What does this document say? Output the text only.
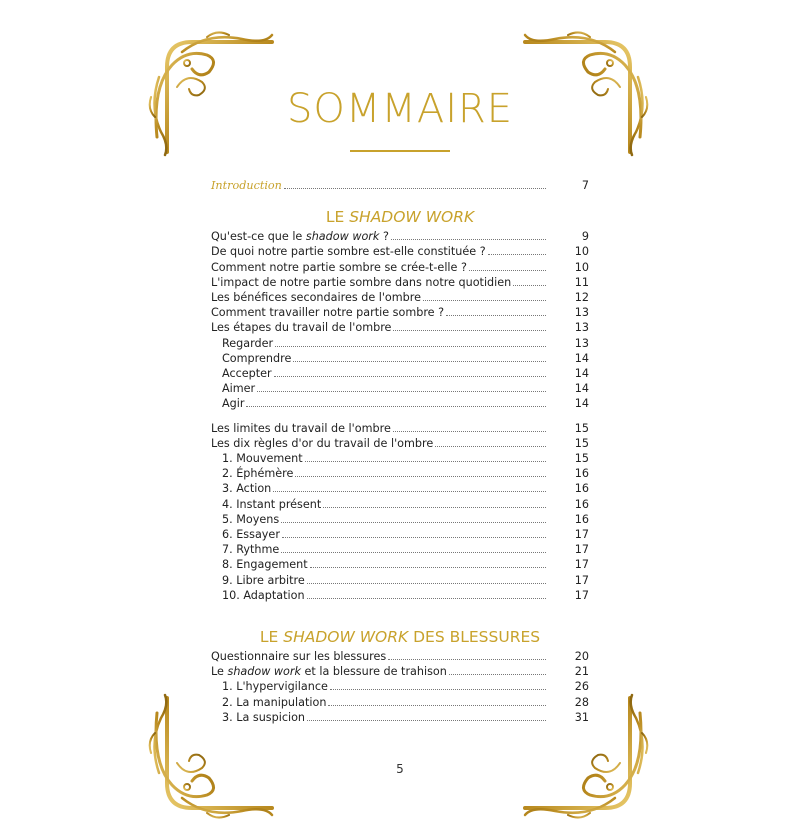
SOMMAIRE
Introduction	7
LE SHADOW WORK
Qu'est-ce que le shadow work ?	9
De quoi notre partie sombre est-elle constituée ?	10
Comment notre partie sombre se crée-t-elle ?	10
L'impact de notre partie sombre dans notre quotidien	11
Les bénéfices secondaires de l'ombre	12
Comment travailler notre partie sombre ?	13
Les étapes du travail de l'ombre	13
Regarder	13
Comprendre	14
Accepter	14
Aimer	14
Agir	14
Les limites du travail de l'ombre	15
Les dix règles d'or du travail de l'ombre	15
1. Mouvement	15
2. Éphémère	16
3. Action	16
4. Instant présent	16
5. Moyens	16
6. Essayer	17
7. Rythme	17
8. Engagement	17
9. Libre arbitre	17
10. Adaptation	17
LE SHADOW WORK DES BLESSURES
Questionnaire sur les blessures	20
Le shadow work et la blessure de trahison	21
1. L'hypervigilance	26
2. La manipulation	28
3. La suspicion	31
5
